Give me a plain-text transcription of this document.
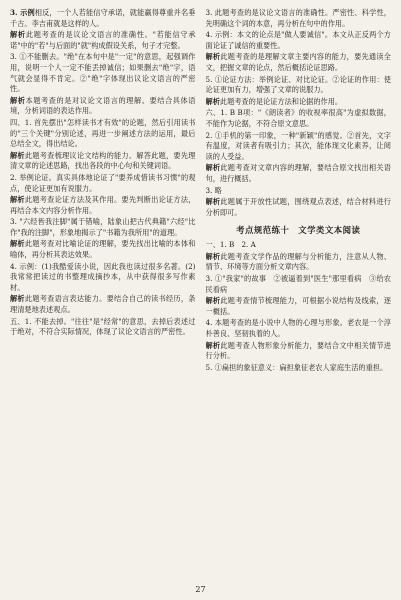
3. 示例相反，一个人若能信守承诺，就能赢得尊重并名垂千古。李吉甫就是这样的人。

解析此题考查的是议论文语言的准确性。"若能信守承诺"中的"若"与后面的"就"构成假设关系，句子才完整。

3. ①不能删去。"绝"在本句中是"一定"的意思，起强调作用，说明一个人一定不能丢掉诚信；如果删去"绝"字，语气就会显得不肯定。②"绝"字体现出议论文语言的严密性。

解析本题考查的是对议论文语言的理解。要结合具体语境，分析词语的表达作用。

四、1. 首先摆出"怎样读书才有效"的论题，然后引用读书的"三个关键"分别论述，再进一步阐述方法的运用，最后总结全文，得出结论。

解析此题考查梳理议论文结构的能力。解答此题，要先理清文章的论述思路，找出各段的中心句和关键词语。

2. 举例论证。真实具体地论证了"要养成惜读书习惯"的观点，使论证更加有说服力。

解析此题考查论证方法及其作用。要先判断出论证方法，再结合本文内容分析作用。

3. "六经皆我注脚"属于错喻，陆象山把古代典籍"六经"比作"我的注脚"，形象地揭示了"书籍为我所用"的道理。

解析此题考查对比喻论证的理解，要先找出比喻的本体和喻体，再分析其表达效果。

4. 示例：(1)我酷爱读小说，因此我也读过很多名著。(2)我常常把读过的书整理成摘抄本，从中获得很多写作素材。

解析此题考查语言表达能力。要结合自己的读书经历，条理清楚地表述观点。

五、1. 不能去掉。"往往"是"经常"的意思，去掉后表述过于绝对，不符合实际情况，体现了议论文语言的严密性。

3. 此题考查的是议论文语言的准确性。严密性、科学性，先明确这个词的本意，再分析在句中的作用。

4. 示例：本文的论点是"做人要诚信"。本文从正反两个方面论证了诚信的重要性。

解析此题考查的是理解文章主要内容的能力，要先通读全文，把握文章的论点，然后概括论证思路。

5. ①论证方法：举例论证、对比论证。②论证的作用：使论证更加有力，增强了文章的说服力。

解析此题考查的是论证方法和论据的作用。

六、1. B B项："《朗读者》的收视率很高"为虚拟数据，不能作为论据，不符合原文意思。

2. ①手机的第一印象，一种"新颖"的感觉。②首先，文字有温度，对读者有吸引力；其次，能体现文化素养，让阅读的人受益。

解析此题考查对文章内容的理解，要结合原文找出相关语句，进行概括。

3. 略

解析此题属于开放性试题，围绕观点表述，结合材料进行分析即可。

考点规范练十　文学类文本阅读

一、1. B　2. A

解析此题考查文学作品的理解与分析能力，注意从人物、情节、环境等方面分析文章内容。

3. ①"我家"的故事　②被逼着到"医生"那里看病　③给农民看病

解析此题考查情节梳理能力，可根据小说结构及线索，逐一概括。

4. 本题考查的是小说中人物的心理与形象。老农是一个淳朴善良、坚韧执着的人。

解析此题考查人物形象分析能力，要结合文中相关情节进行分析。

5. ①扁担的象征意义：扁担象征老农人家庭生活的重担。

27
